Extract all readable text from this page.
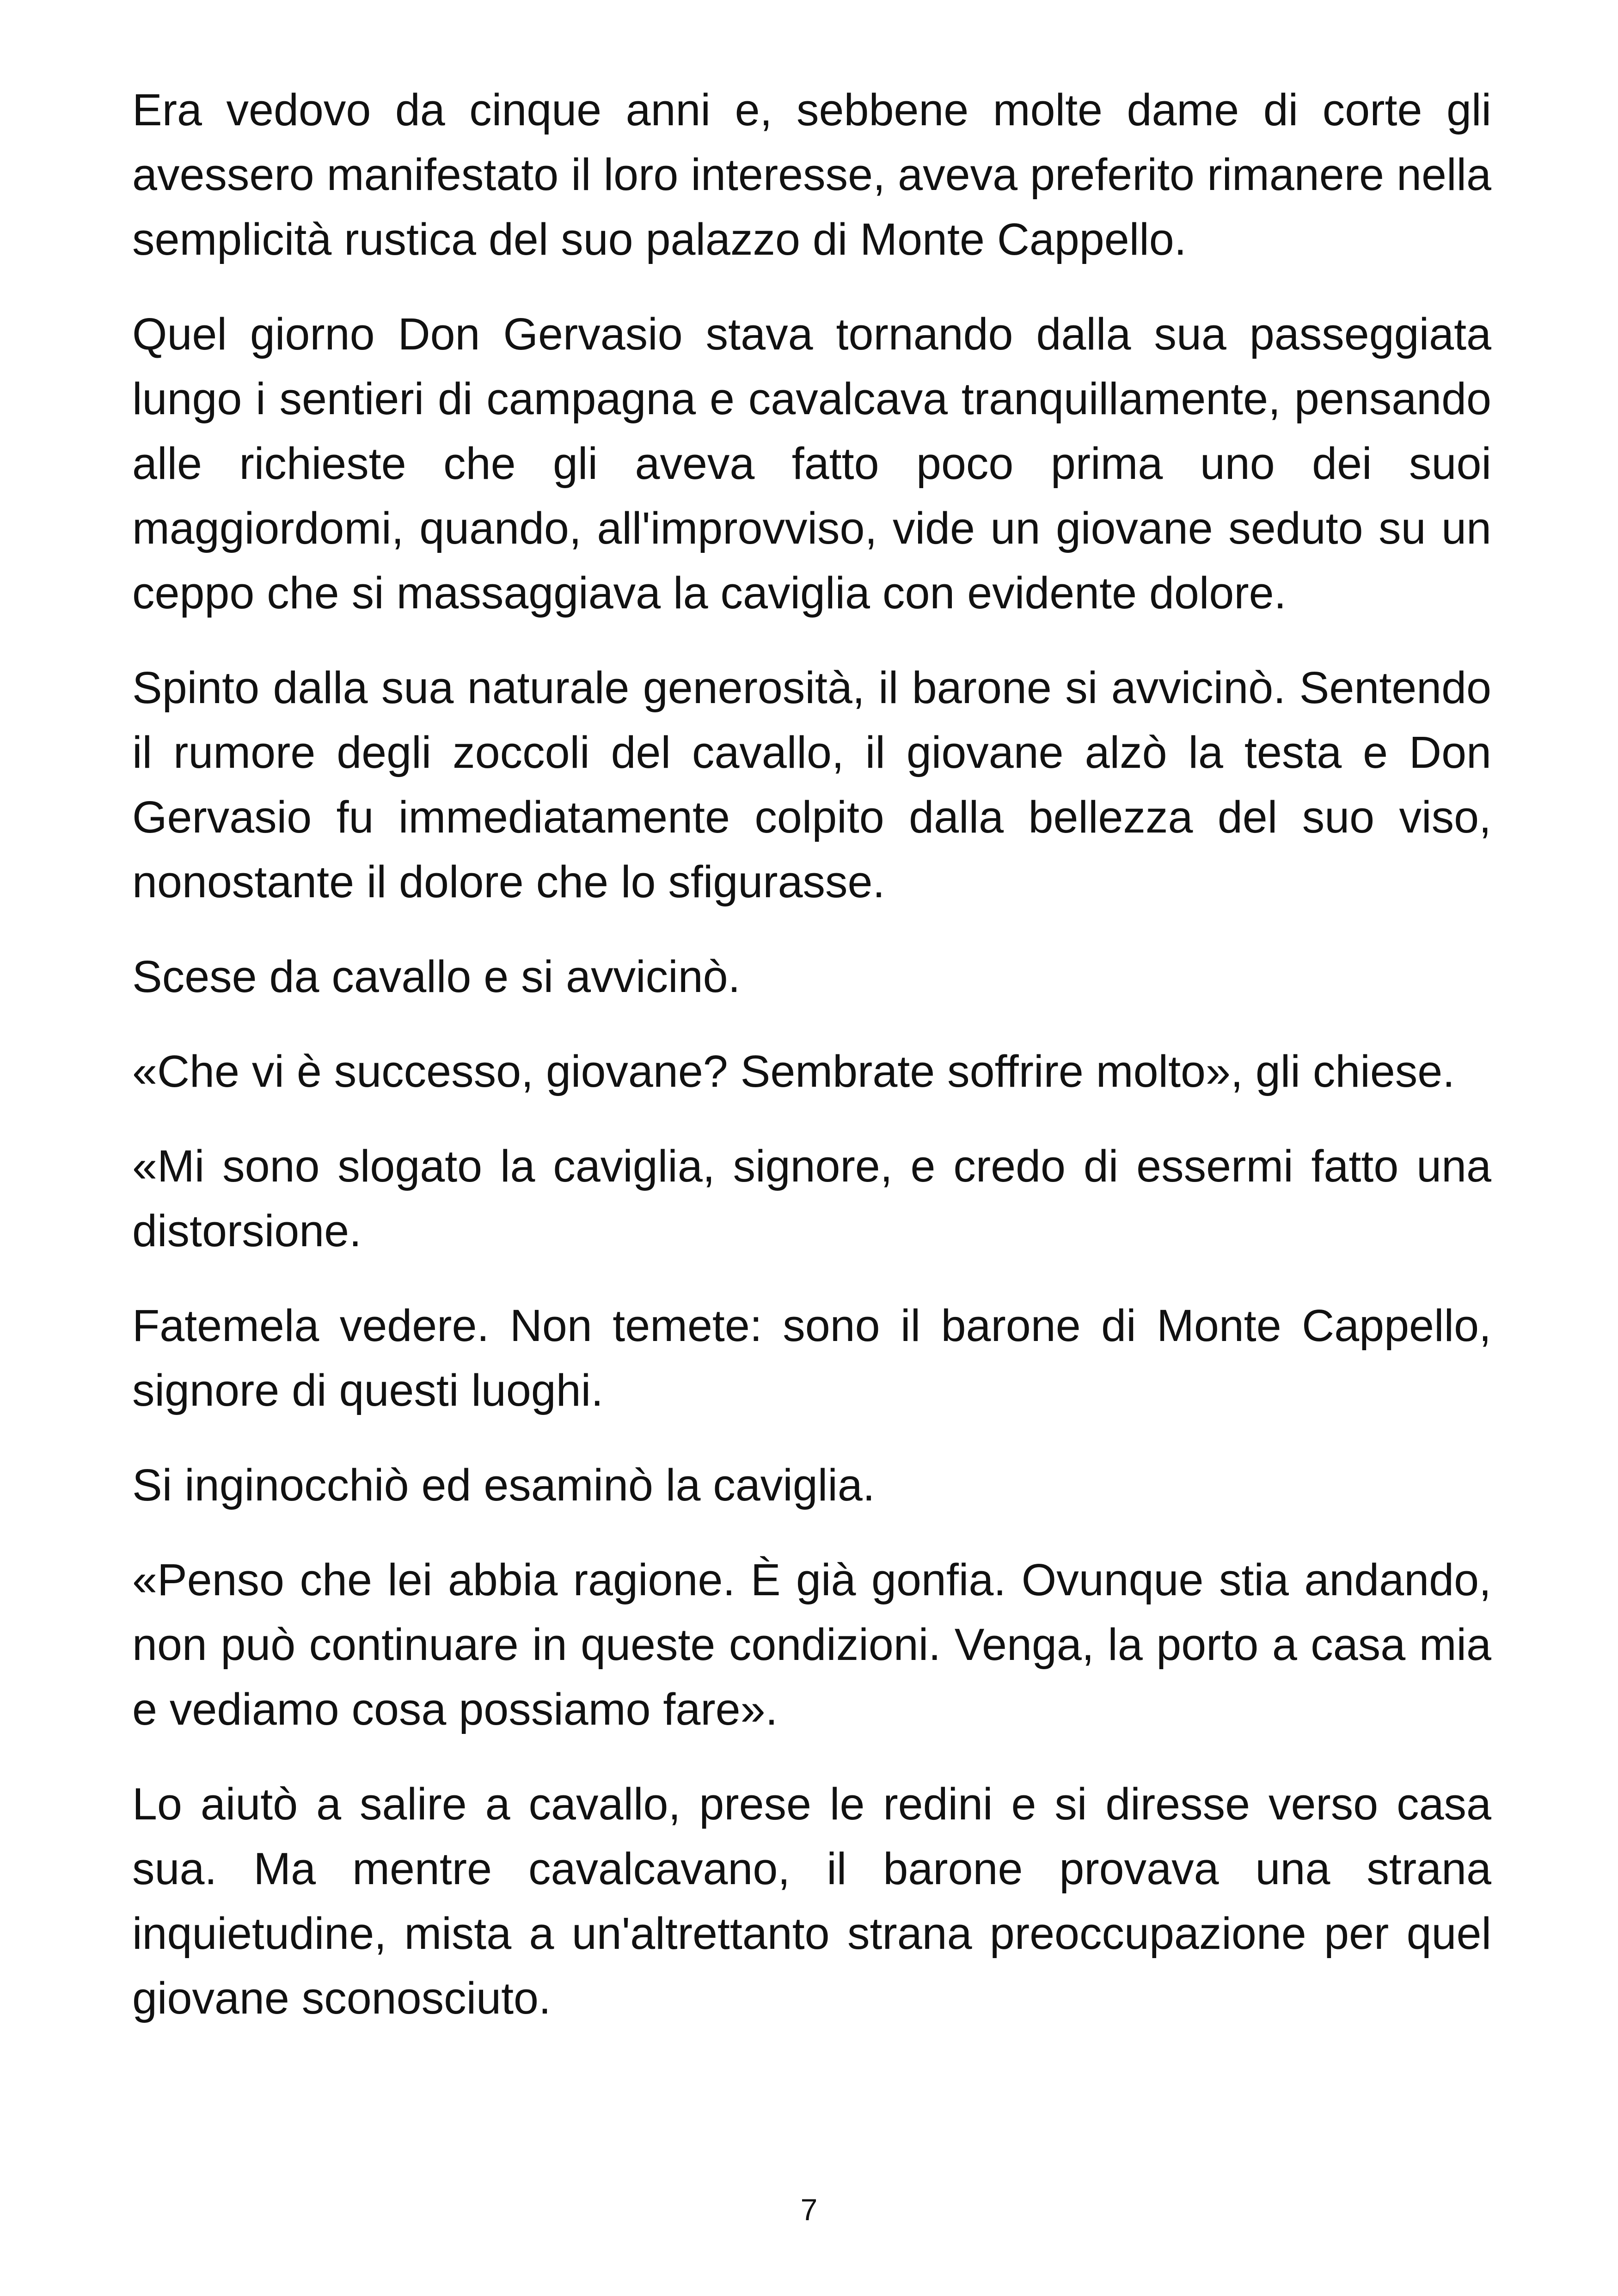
Era vedovo da cinque anni e, sebbene molte dame di corte gli avessero manifestato il loro interesse, aveva preferito rimanere nella semplicità rustica del suo palazzo di Monte Cappello.

Quel giorno Don Gervasio stava tornando dalla sua passeggiata lungo i sentieri di campagna e cavalcava tranquillamente, pensando alle richieste che gli aveva fatto poco prima uno dei suoi maggiordomi, quando, all'improvviso, vide un giovane seduto su un ceppo che si massaggiava la caviglia con evidente dolore.

Spinto dalla sua naturale generosità, il barone si avvicinò. Sentendo il rumore degli zoccoli del cavallo, il giovane alzò la testa e Don Gervasio fu immediatamente colpito dalla bellezza del suo viso, nonostante il dolore che lo sfigurasse.

Scese da cavallo e si avvicinò.

«Che vi è successo, giovane? Sembrate soffrire molto», gli chiese.

«Mi sono slogato la caviglia, signore, e credo di essermi fatto una distorsione.

Fatemela vedere. Non temete: sono il barone di Monte Cappello, signore di questi luoghi.

Si inginocchiò ed esaminò la caviglia.

«Penso che lei abbia ragione. È già gonfia. Ovunque stia andando, non può continuare in queste condizioni. Venga, la porto a casa mia e vediamo cosa possiamo fare».

Lo aiutò a salire a cavallo, prese le redini e si diresse verso casa sua. Ma mentre cavalcavano, il barone provava una strana inquietudine, mista a un'altrettanto strana preoccupazione per quel giovane sconosciuto.

7
